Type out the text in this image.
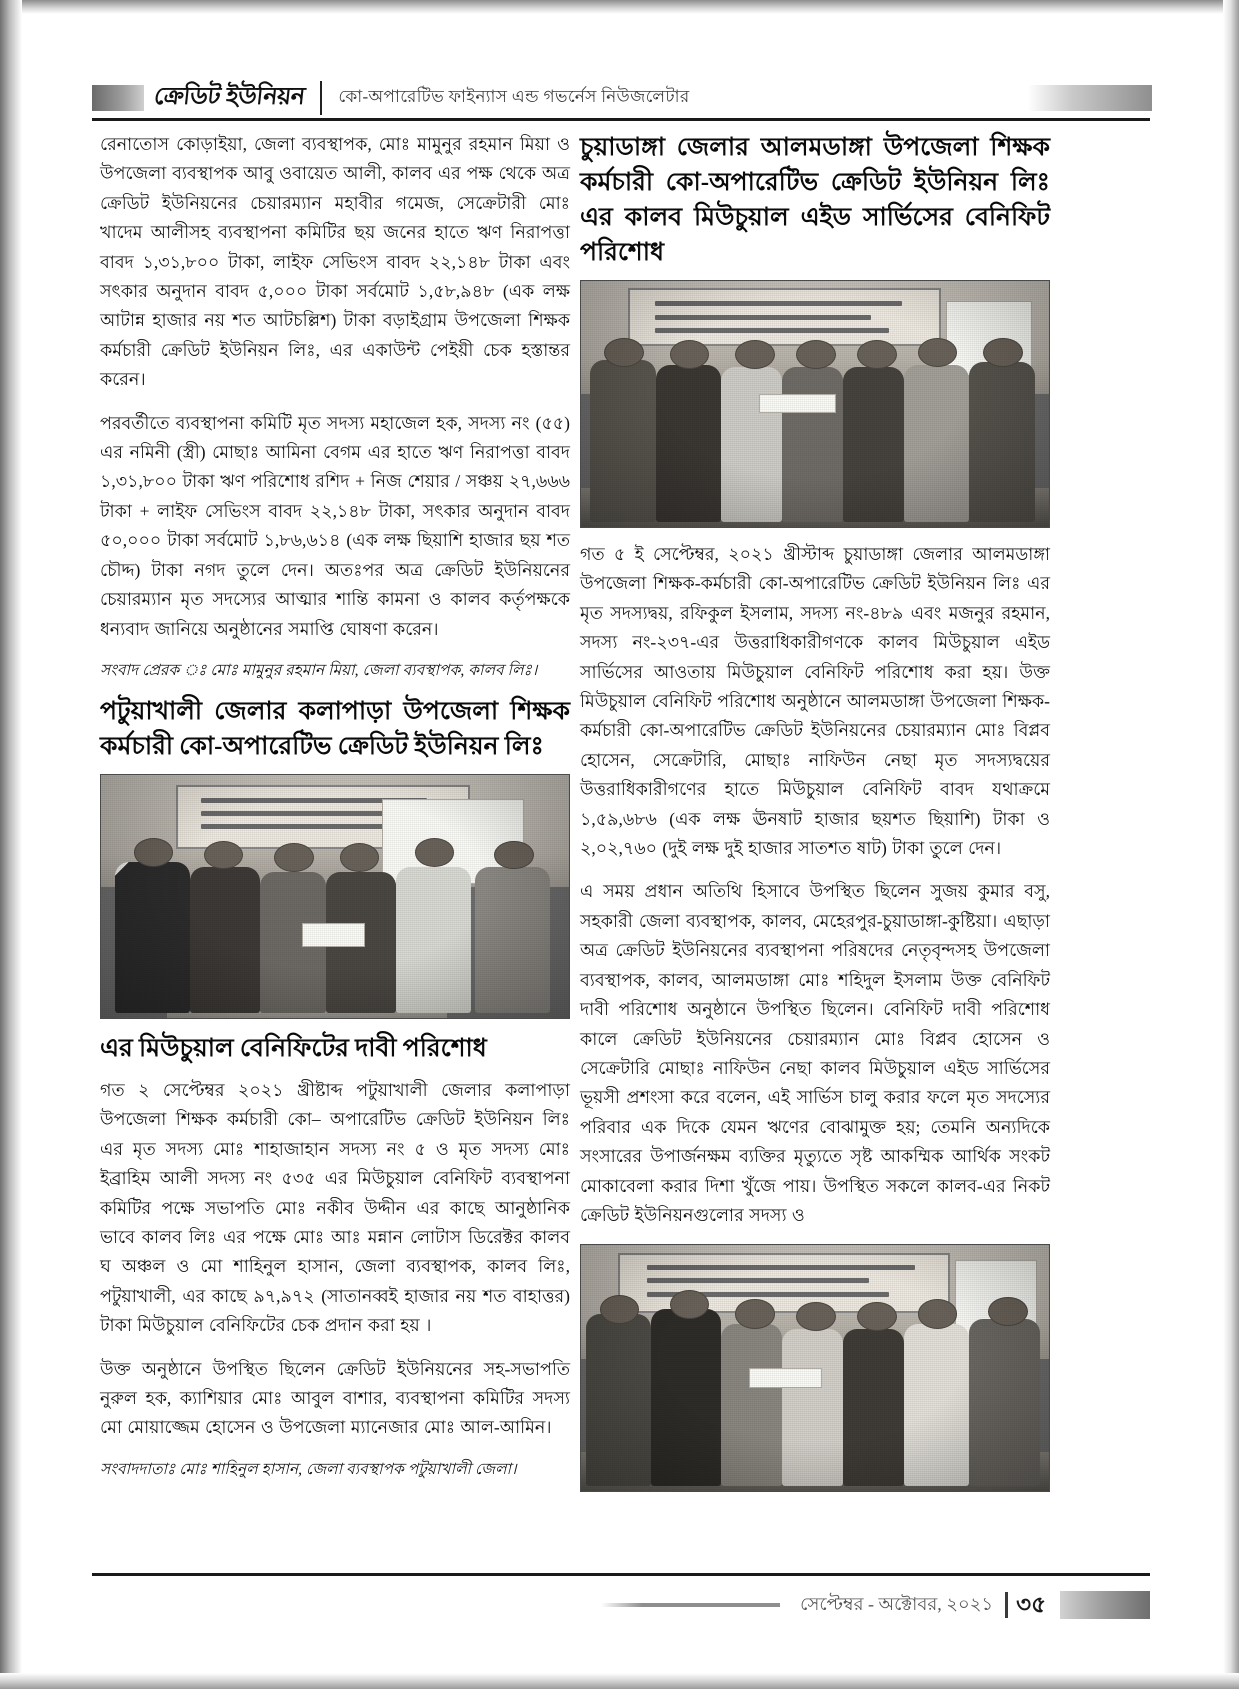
ক্রেডিট ইউনিয়ন	কো-অপারেটিভ ফাইন্যাস এন্ড গভর্নেস নিউজলেটার

রেনাতোস কোড়াইয়া, জেলা ব্যবস্থাপক, মোঃ মামুনুর রহমান মিয়া ও উপজেলা ব্যবস্থাপক আবু ওবায়েত আলী, কালব এর পক্ষ থেকে অত্র ক্রেডিট ইউনিয়নের চেয়ারম্যান মহাবীর গমেজ, সেক্রেটারী মোঃ খাদেম আলীসহ ব্যবস্থাপনা কমিটির ছয় জনের হাতে ঋণ নিরাপত্তা বাবদ ১,৩১,৮০০ টাকা, লাইফ সেভিংস বাবদ ২২,১৪৮ টাকা এবং সৎকার অনুদান বাবদ ৫,০০০ টাকা সর্বমোট ১,৫৮,৯৪৮ (এক লক্ষ আটান্ন হাজার নয় শত আটচল্লিশ) টাকা বড়াইগ্রাম উপজেলা শিক্ষক কর্মচারী ক্রেডিট ইউনিয়ন লিঃ, এর একাউন্ট পেইয়ী চেক হস্তান্তর করেন।

পরবর্তীতে ব্যবস্থাপনা কমিটি মৃত সদস্য মহাজেল হক, সদস্য নং (৫৫) এর নমিনী (স্ত্রী) মোছাঃ আমিনা বেগম এর হাতে ঋণ নিরাপত্তা বাবদ ১,৩১,৮০০ টাকা ঋণ পরিশোধ রশিদ + নিজ শেয়ার / সঞ্চয় ২৭,৬৬৬ টাকা + লাইফ সেভিংস বাবদ ২২,১৪৮ টাকা, সৎকার অনুদান বাবদ ৫০,০০০ টাকা সর্বমোট ১,৮৬,৬১৪ (এক লক্ষ ছিয়াশি হাজার ছয় শত চৌদ্দ) টাকা নগদ তুলে দেন। অতঃপর অত্র ক্রেডিট ইউনিয়নের চেয়ারম্যান মৃত সদস্যের আত্মার শান্তি কামনা ও কালব কর্তৃপক্ষকে ধন্যবাদ জানিয়ে অনুষ্ঠানের সমাপ্তি ঘোষণা করেন।

সংবাদ প্রেরক ঃ মোঃ মামুনুর রহমান মিয়া, জেলা ব্যবস্থাপক, কালব লিঃ।

পটুয়াখালী জেলার কলাপাড়া উপজেলা শিক্ষক কর্মচারী কো-অপারেটিভ ক্রেডিট ইউনিয়ন লিঃ
এর মিউচুয়াল বেনিফিটের দাবী পরিশোধ

গত ২ সেপ্টেম্বর ২০২১ খ্রীষ্টাব্দ পটুয়াখালী জেলার কলাপাড়া উপজেলা শিক্ষক কর্মচারী কো– অপারেটিভ ক্রেডিট ইউনিয়ন লিঃ এর মৃত সদস্য মোঃ শাহাজাহান সদস্য নং ৫ ও মৃত সদস্য মোঃ ইব্রাহিম আলী সদস্য নং ৫৩৫ এর মিউচুয়াল বেনিফিট ব্যবস্থাপনা কমিটির পক্ষে সভাপতি মোঃ নকীব উদ্দীন এর কাছে আনুষ্ঠানিক ভাবে কালব লিঃ এর পক্ষে মোঃ আঃ মন্নান লোটাস ডিরেক্টর কালব ঘ অঞ্চল ও মো শাহিনুল হাসান, জেলা ব্যবস্থাপক, কালব লিঃ, পটুয়াখালী, এর কাছে ৯৭,৯৭২ (সাতানব্বই হাজার নয় শত বাহাত্তর) টাকা মিউচুয়াল বেনিফিটের চেক প্রদান করা হয় ।

উক্ত অনুষ্ঠানে উপস্থিত ছিলেন ক্রেডিট ইউনিয়নের সহ-সভাপতি নুরুল হক, ক্যাশিয়ার মোঃ আবুল বাশার, ব্যবস্থাপনা কমিটির সদস্য মো মোয়াজ্জেম হোসেন ও উপজেলা ম্যানেজার মোঃ আল-আমিন।

সংবাদদাতাঃ মোঃ শাহিনুল হাসান, জেলা ব্যবস্থাপক পটুয়াখালী জেলা।

চুয়াডাঙ্গা জেলার আলমডাঙ্গা উপজেলা শিক্ষক কর্মচারী কো-অপারেটিভ ক্রেডিট ইউনিয়ন লিঃ এর কালব মিউচুয়াল এইড সার্ভিসের বেনিফিট পরিশোধ

গত ৫ ই সেপ্টেম্বর, ২০২১ খ্রীস্টাব্দ চুয়াডাঙ্গা জেলার আলমডাঙ্গা উপজেলা শিক্ষক-কর্মচারী কো-অপারেটিভ ক্রেডিট ইউনিয়ন লিঃ এর মৃত সদস্যদ্বয়, রফিকুল ইসলাম, সদস্য নং-৪৮৯ এবং মজনুর রহমান, সদস্য নং-২৩৭-এর উত্তরাধিকারীগণকে কালব মিউচুয়াল এইড সার্ভিসের আওতায় মিউচুয়াল বেনিফিট পরিশোধ করা হয়। উক্ত মিউচুয়াল বেনিফিট পরিশোধ অনুষ্ঠানে আলমডাঙ্গা উপজেলা শিক্ষক-কর্মচারী কো-অপারেটিভ ক্রেডিট ইউনিয়নের চেয়ারম্যান মোঃ বিপ্লব হোসেন, সেক্রেটারি, মোছাঃ নাফিউন নেছা মৃত সদস্যদ্বয়ের উত্তরাধিকারীগণের হাতে মিউচুয়াল বেনিফিট বাবদ যথাক্রমে ১,৫৯,৬৮৬ (এক লক্ষ ঊনষাট হাজার ছয়শত ছিয়াশি) টাকা ও ২,০২,৭৬০ (দুই লক্ষ দুই হাজার সাতশত ষাট) টাকা তুলে দেন।

এ সময় প্রধান অতিথি হিসাবে উপস্থিত ছিলেন সুজয় কুমার বসু, সহকারী জেলা ব্যবস্থাপক, কালব, মেহেরপুর-চুয়াডাঙ্গা-কুষ্টিয়া। এছাড়া অত্র ক্রেডিট ইউনিয়নের ব্যবস্থাপনা পরিষদের নেতৃবৃন্দসহ উপজেলা ব্যবস্থাপক, কালব, আলমডাঙ্গা মোঃ শহিদুল ইসলাম উক্ত বেনিফিট দাবী পরিশোধ অনুষ্ঠানে উপস্থিত ছিলেন। বেনিফিট দাবী পরিশোধ কালে ক্রেডিট ইউনিয়নের চেয়ারম্যান মোঃ বিপ্লব হোসেন ও সেক্রেটারি মোছাঃ নাফিউন নেছা কালব মিউচুয়াল এইড সার্ভিসের ভূয়সী প্রশংসা করে বলেন, এই সার্ভিস চালু করার ফলে মৃত সদস্যের পরিবার এক দিকে যেমন ঋণের বোঝামুক্ত হয়; তেমনি অন্যদিকে সংসারের উপার্জনক্ষম ব্যক্তির মৃত্যুতে সৃষ্ট আকম্মিক আর্থিক সংকট মোকাবেলা করার দিশা খুঁজে পায়। উপস্থিত সকলে কালব-এর নিকট ক্রেডিট ইউনিয়নগুলোর সদস্য ও

সেপ্টেম্বর - অক্টোবর, ২০২১ ৩৫
